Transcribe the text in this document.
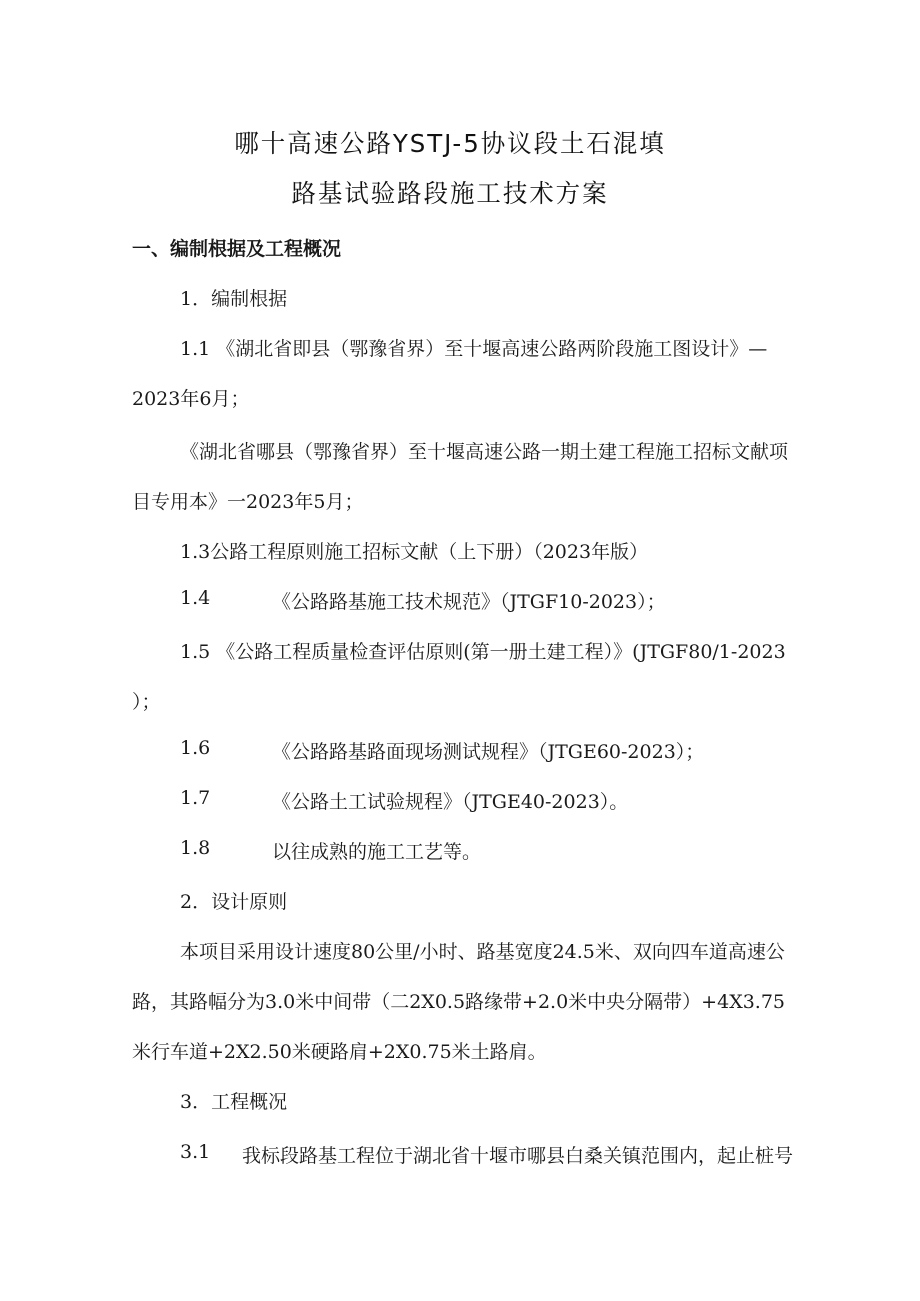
哪十高速公路YSTJ-5协议段土石混填
路基试验路段施工技术方案
一、编制根据及工程概况
1．编制根据
1.1 《湖北省即县（鄂豫省界）至十堰高速公路两阶段施工图设计》—
2023年6月；
《湖北省哪县（鄂豫省界）至十堰高速公路一期土建工程施工招标文献项
目专用本》一2023年5月；
1.3公路工程原则施工招标文献（上下册）（2023年版）
1.4	《公路路基施工技术规范》（JTGF10-2023）；
1.5 《公路工程质量检查评估原则(第一册土建工程）》(JTGF80/1-2023
）；
1.6	《公路路基路面现场测试规程》（JTGE60-2023）；
1.7	《公路土工试验规程》（JTGE40-2023）。
1.8	以往成熟的施工工艺等。
2．设计原则
本项目采用设计速度80公里/小时、路基宽度24.5米、双向四车道高速公
路，其路幅分为3.0米中间带（二2X0.5路缘带+2.0米中央分隔带）+4X3.75
米行车道+2X2.50米硬路肩+2X0.75米土路肩。
3．工程概况
3.1 我标段路基工程位于湖北省十堰市哪县白桑关镇范围内，起止桩号
